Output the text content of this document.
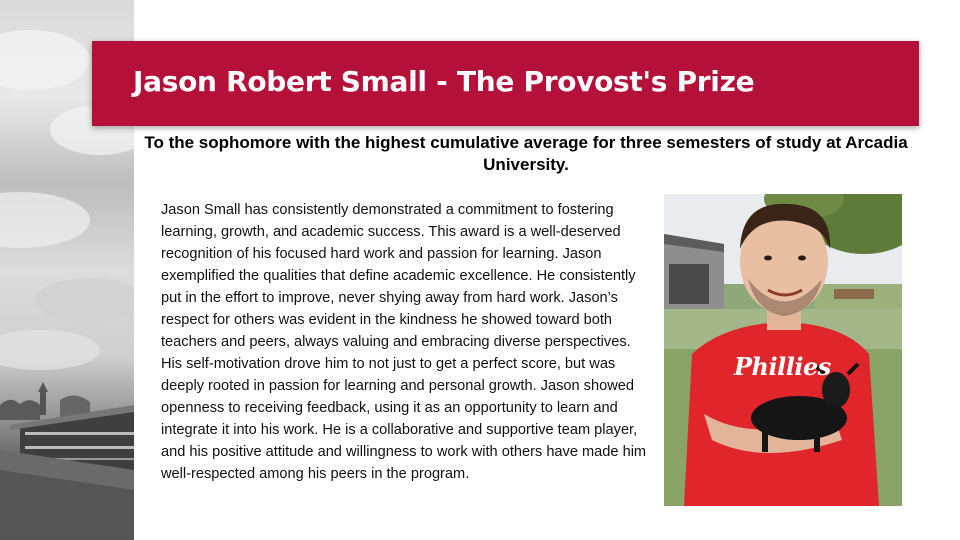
Jason Robert Small - The Provost's Prize
To the sophomore with the highest cumulative average for three semesters of study at Arcadia University.
Jason Small has consistently demonstrated a commitment to fostering learning, growth, and academic success. This award is a well-deserved recognition of his focused hard work and passion for learning. Jason exemplified the qualities that define academic excellence. He consistently put in the effort to improve, never shying away from hard work. Jason’s respect for others was evident in the kindness he showed toward both teachers and peers, always valuing and embracing diverse perspectives. His self-motivation drove him to not just to get a perfect score, but was deeply rooted in passion for learning and personal growth. Jason showed openness to receiving feedback, using it as an opportunity to learn and integrate it into his work. He is a collaborative and supportive team player, and his positive attitude and willingness to work with others have made him well-respected among his peers in the program.
Phillies
